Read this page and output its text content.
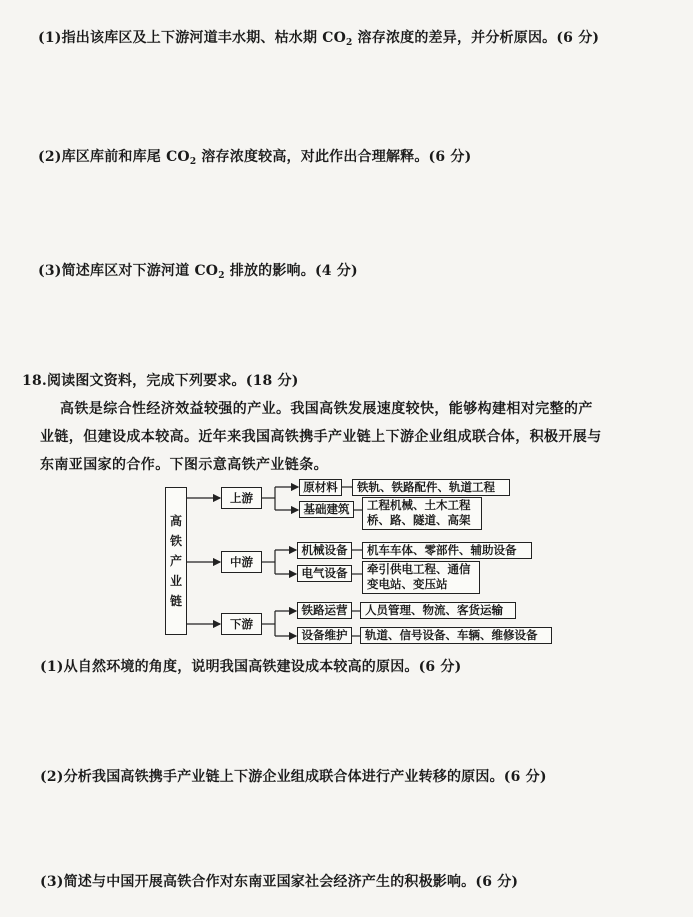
(1)指出该库区及上下游河道丰水期、枯水期 $CO_2$ 溶存浓度的差异，并分析原因。(6 分)
(2)库区库前和库尾 $CO_2$ 溶存浓度较高，对此作出合理解释。(6 分)
(3)简述库区对下游河道 $CO_2$ 排放的影响。(4 分)
18.阅读图文资料，完成下列要求。(18 分)
高铁是综合性经济效益较强的产业。我国高铁发展速度较快，能够构建相对完整的产
业链，但建设成本较高。近年来我国高铁携手产业链上下游企业组成联合体，积极开展与
东南亚国家的合作。下图示意高铁产业链条。
高
铁
产
业
链
上游
中游
下游
原材料	铁轨、铁路配件、轨道工程
基础建筑	工程机械、土木工程
桥、路、隧道、高架
机械设备	机车车体、零部件、辅助设备
电气设备	牵引供电工程、通信
变电站、变压站
铁路运营	人员管理、物流、客货运输
设备维护	轨道、信号设备、车辆、维修设备
(1)从自然环境的角度，说明我国高铁建设成本较高的原因。(6 分)
(2)分析我国高铁携手产业链上下游企业组成联合体进行产业转移的原因。(6 分)
(3)简述与中国开展高铁合作对东南亚国家社会经济产生的积极影响。(6 分)
